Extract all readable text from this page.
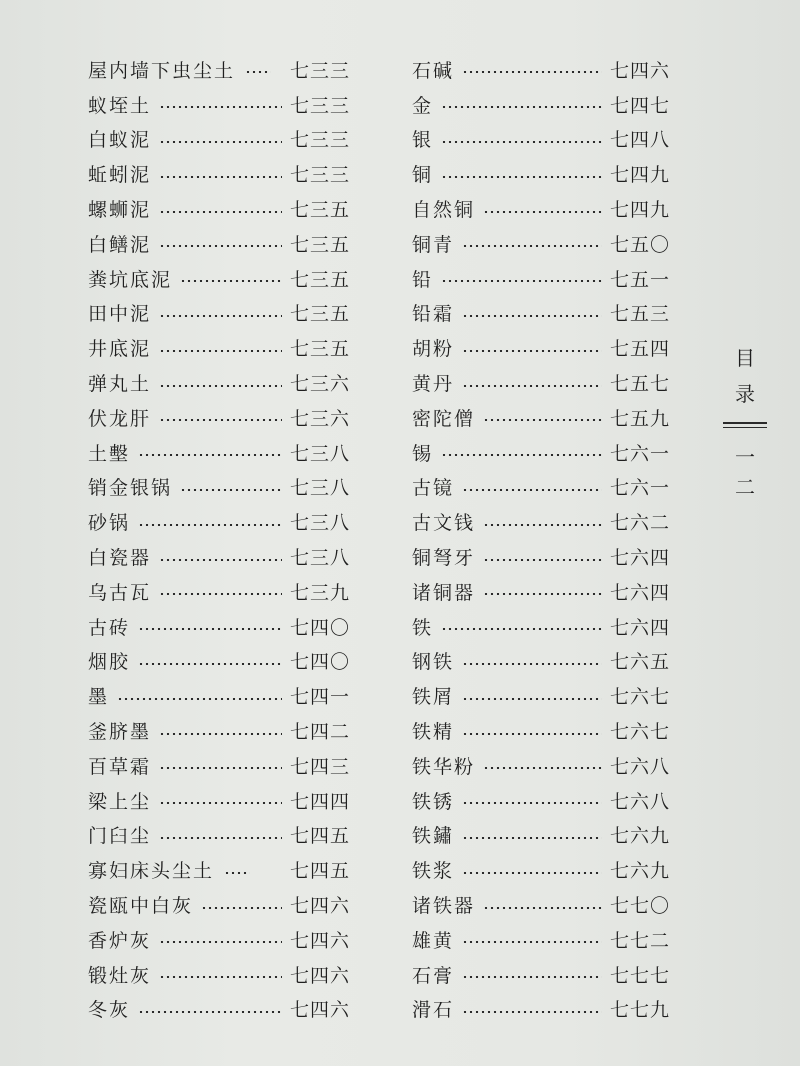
屋内墙下虫尘土	七三三
蚁垤土	七三三
白蚁泥	七三三
蚯蚓泥	七三三
螺蛳泥	七三五
白鳝泥	七三五
粪坑底泥	七三五
田中泥	七三五
井底泥	七三五
弹丸土	七三六
伏龙肝	七三六
土墼	七三八
销金银锅	七三八
砂锅	七三八
白瓷器	七三八
乌古瓦	七三九
古砖	七四〇
烟胶	七四〇
墨	七四一
釜脐墨	七四二
百草霜	七四三
梁上尘	七四四
门臼尘	七四五
寡妇床头尘土	七四五
瓷瓯中白灰	七四六
香炉灰	七四六
锻灶灰	七四六
冬灰	七四六
石碱	七四六
金	七四七
银	七四八
铜	七四九
自然铜	七四九
铜青	七五〇
铅	七五一
铅霜	七五三
胡粉	七五四
黄丹	七五七
密陀僧	七五九
锡	七六一
古镜	七六一
古文钱	七六二
铜弩牙	七六四
诸铜器	七六四
铁	七六四
钢铁	七六五
铁屑	七六七
铁精	七六七
铁华粉	七六八
铁锈	七六八
铁鏽	七六九
铁浆	七六九
诸铁器	七七〇
雄黄	七七二
石膏	七七七
滑石	七七九
目
录
一
二
